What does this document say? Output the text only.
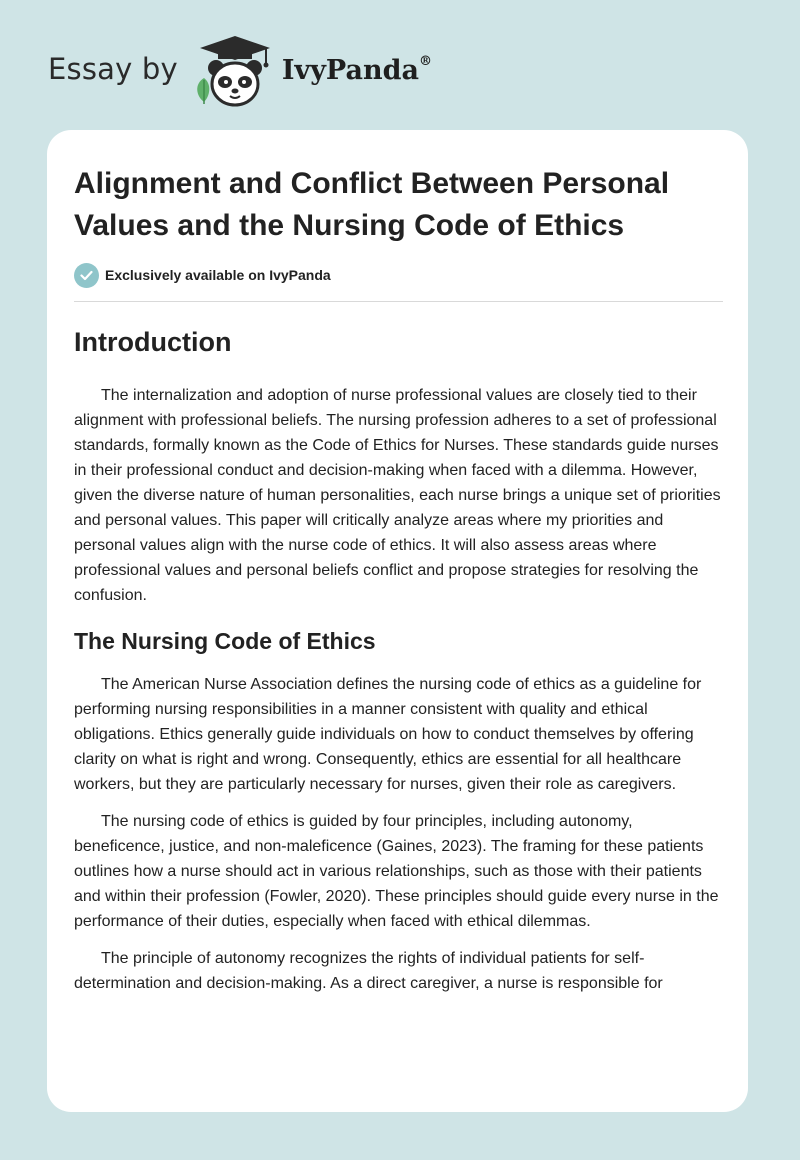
Essay by	IvyPanda®
Alignment and Conflict Between Personal Values and the Nursing Code of Ethics
Exclusively available on IvyPanda
Introduction

The internalization and adoption of nurse professional values are closely tied to their alignment with professional beliefs. The nursing profession adheres to a set of professional standards, formally known as the Code of Ethics for Nurses. These standards guide nurses in their professional conduct and decision-making when faced with a dilemma. However, given the diverse nature of human personalities, each nurse brings a unique set of priorities and personal values. This paper will critically analyze areas where my priorities and personal values align with the nurse code of ethics. It will also assess areas where professional values and personal beliefs conflict and propose strategies for resolving the confusion.

The Nursing Code of Ethics

The American Nurse Association defines the nursing code of ethics as a guideline for performing nursing responsibilities in a manner consistent with quality and ethical obligations. Ethics generally guide individuals on how to conduct themselves by offering clarity on what is right and wrong. Consequently, ethics are essential for all healthcare workers, but they are particularly necessary for nurses, given their role as caregivers.

The nursing code of ethics is guided by four principles, including autonomy, beneficence, justice, and non-maleficence (Gaines, 2023). The framing for these patients outlines how a nurse should act in various relationships, such as those with their patients and within their profession (Fowler, 2020). These principles should guide every nurse in the performance of their duties, especially when faced with ethical dilemmas.

The principle of autonomy recognizes the rights of individual patients for self-determination and decision-making. As a direct caregiver, a nurse is responsible for
